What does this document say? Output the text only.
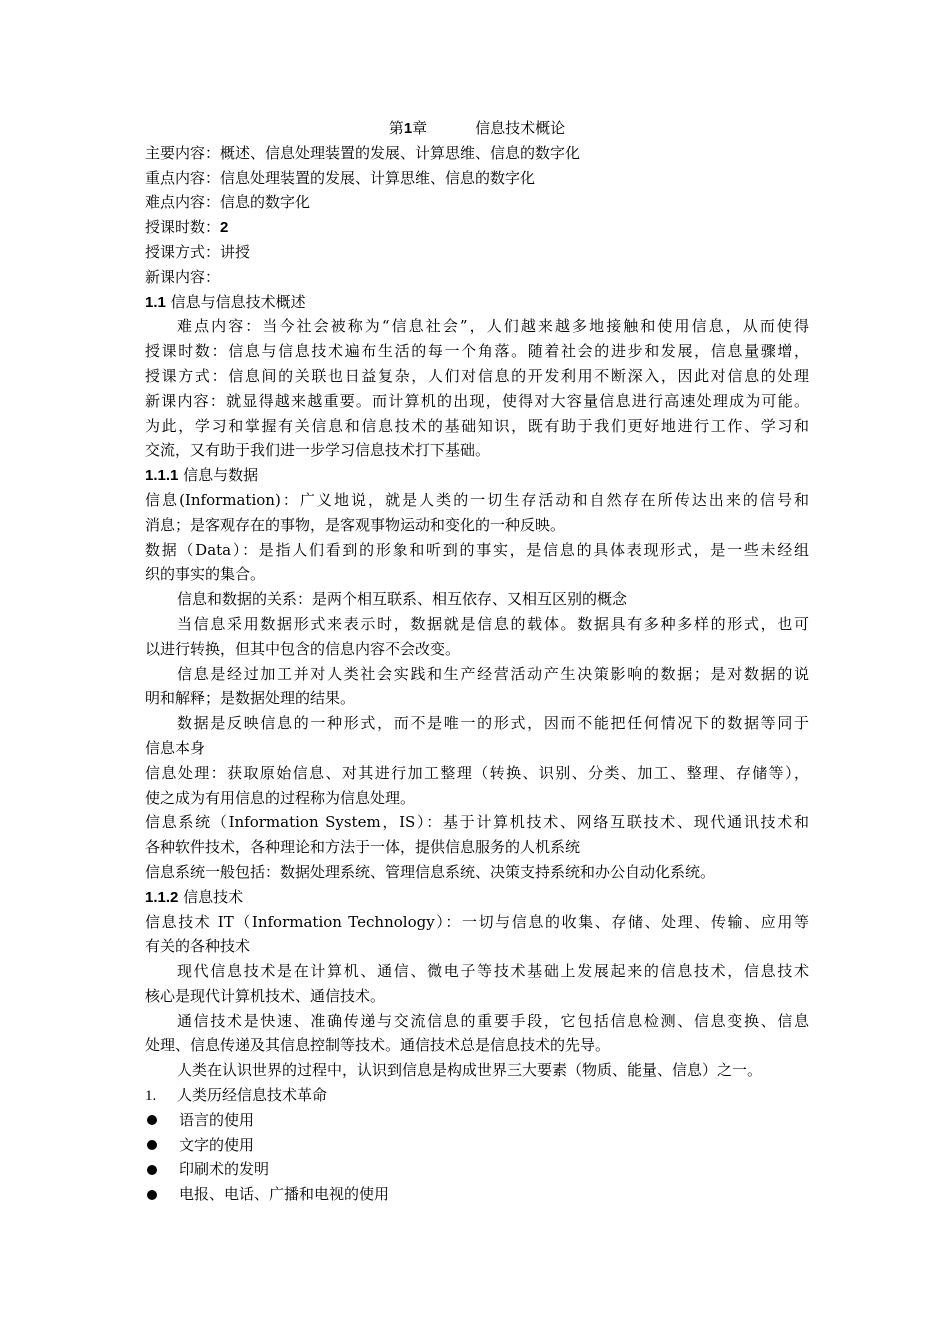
第1章	信息技术概论
主要内容：概述、信息处理装置的发展、计算思维、信息的数字化
重点内容：信息处理装置的发展、计算思维、信息的数字化
难点内容：信息的数字化
授课时数：2
授课方式：讲授
新课内容：
1.1 信息与信息技术概述
难点内容：当今社会被称为“信息社会”，人们越来越多地接触和使用信息，从而使得
授课时数：信息与信息技术遍布生活的每一个角落。随着社会的进步和发展，信息量骤增，
授课方式：信息间的关联也日益复杂，人们对信息的开发利用不断深入，因此对信息的处理
新课内容：就显得越来越重要。而计算机的出现，使得对大容量信息进行高速处理成为可能。
为此，学习和掌握有关信息和信息技术的基础知识，既有助于我们更好地进行工作、学习和
交流，又有助于我们进一步学习信息技术打下基础。
1.1.1 信息与数据
信息(Information)：广义地说，就是人类的一切生存活动和自然存在所传达出来的信号和
消息；是客观存在的事物，是客观事物运动和变化的一种反映。
数据（Data）：是指人们看到的形象和听到的事实，是信息的具体表现形式，是一些未经组
织的事实的集合。
信息和数据的关系：是两个相互联系、相互依存、又相互区别的概念
当信息采用数据形式来表示时，数据就是信息的载体。数据具有多种多样的形式，也可
以进行转换，但其中包含的信息内容不会改变。
信息是经过加工并对人类社会实践和生产经营活动产生决策影响的数据；是对数据的说
明和解释；是数据处理的结果。
数据是反映信息的一种形式，而不是唯一的形式，因而不能把任何情况下的数据等同于
信息本身
信息处理：获取原始信息、对其进行加工整理（转换、识别、分类、加工、整理、存储等），
使之成为有用信息的过程称为信息处理。
信息系统（Information System，IS）：基于计算机技术、网络互联技术、现代通讯技术和
各种软件技术，各种理论和方法于一体，提供信息服务的人机系统
信息系统一般包括：数据处理系统、管理信息系统、决策支持系统和办公自动化系统。
1.1.2 信息技术
信息技术 IT（Information Technology）：一切与信息的收集、存储、处理、传输、应用等
有关的各种技术
现代信息技术是在计算机、通信、微电子等技术基础上发展起来的信息技术，信息技术
核心是现代计算机技术、通信技术。
通信技术是快速、准确传递与交流信息的重要手段，它包括信息检测、信息变换、信息
处理、信息传递及其信息控制等技术。通信技术总是信息技术的先导。
人类在认识世界的过程中，认识到信息是构成世界三大要素（物质、能量、信息）之一。
1. 人类历经信息技术革命
语言的使用
文字的使用
印刷术的发明
电报、电话、广播和电视的使用
